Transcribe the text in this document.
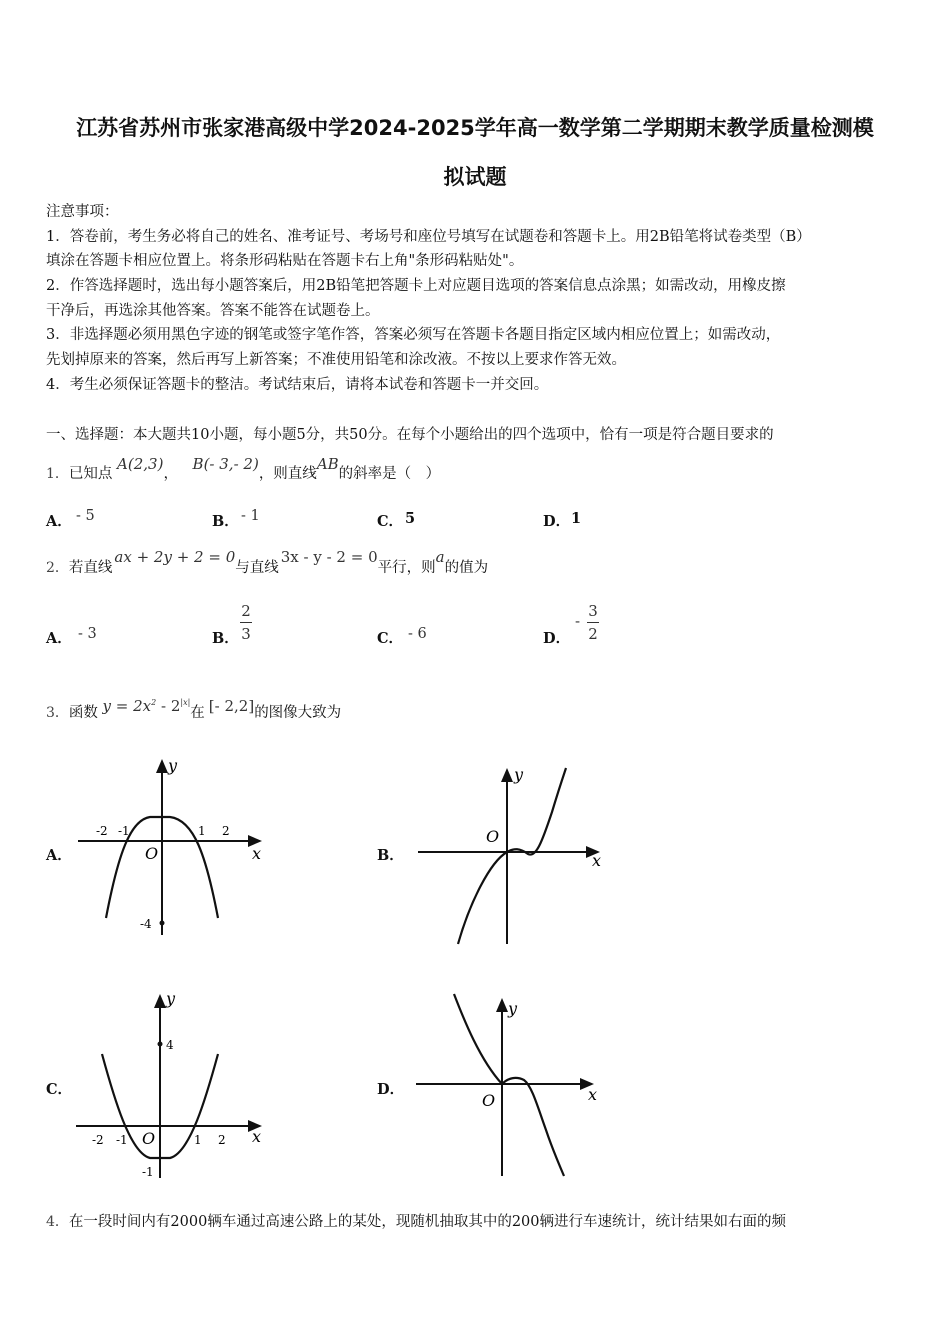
江苏省苏州市张家港高级中学2024-2025学年高一数学第二学期期末教学质量检测模
拟试题
注意事项：
1．答卷前，考生务必将自己的姓名、准考证号、考场号和座位号填写在试题卷和答题卡上。用2B铅笔将试卷类型（B）
填涂在答题卡相应位置上。将条形码粘贴在答题卡右上角"条形码粘贴处"。
2．作答选择题时，选出每小题答案后，用2B铅笔把答题卡上对应题目选项的答案信息点涂黑；如需改动，用橡皮擦
干净后，再选涂其他答案。答案不能答在试题卷上。
3．非选择题必须用黑色字迹的钢笔或签字笔作答，答案必须写在答题卡各题目指定区域内相应位置上；如需改动，
先划掉原来的答案，然后再写上新答案；不准使用铅笔和涂改液。不按以上要求作答无效。
4．考生必须保证答题卡的整洁。考试结束后，请将本试卷和答题卡一并交回。
一、选择题：本大题共10小题，每小题5分，共50分。在每个小题给出的四个选项中，恰有一项是符合题目要求的
1．已知点 A(2,3)， B(- 3,- 2)，则直线AB的斜率是（　）
A． - 5	B． - 1	C． 5	D． 1
2．若直线ax + 2y + 2 = 0与直线3x - y - 2 = 0平行，则a的值为
A． - 3	B．
2
3	C． - 6	D．
-
3
2
3．函数 $y = 2x^2 - 2^{|x|}$在 [- 2,2]的图像大致为
A．	B．
C．	D．
y
x
O
-2 -1	1 2
-4
y
x
O
y
x
O
-2 -1	1 2
4
-1
y
x
O
4．在一段时间内有2000辆车通过高速公路上的某处，现随机抽取其中的200辆进行车速统计，统计结果如右面的频
